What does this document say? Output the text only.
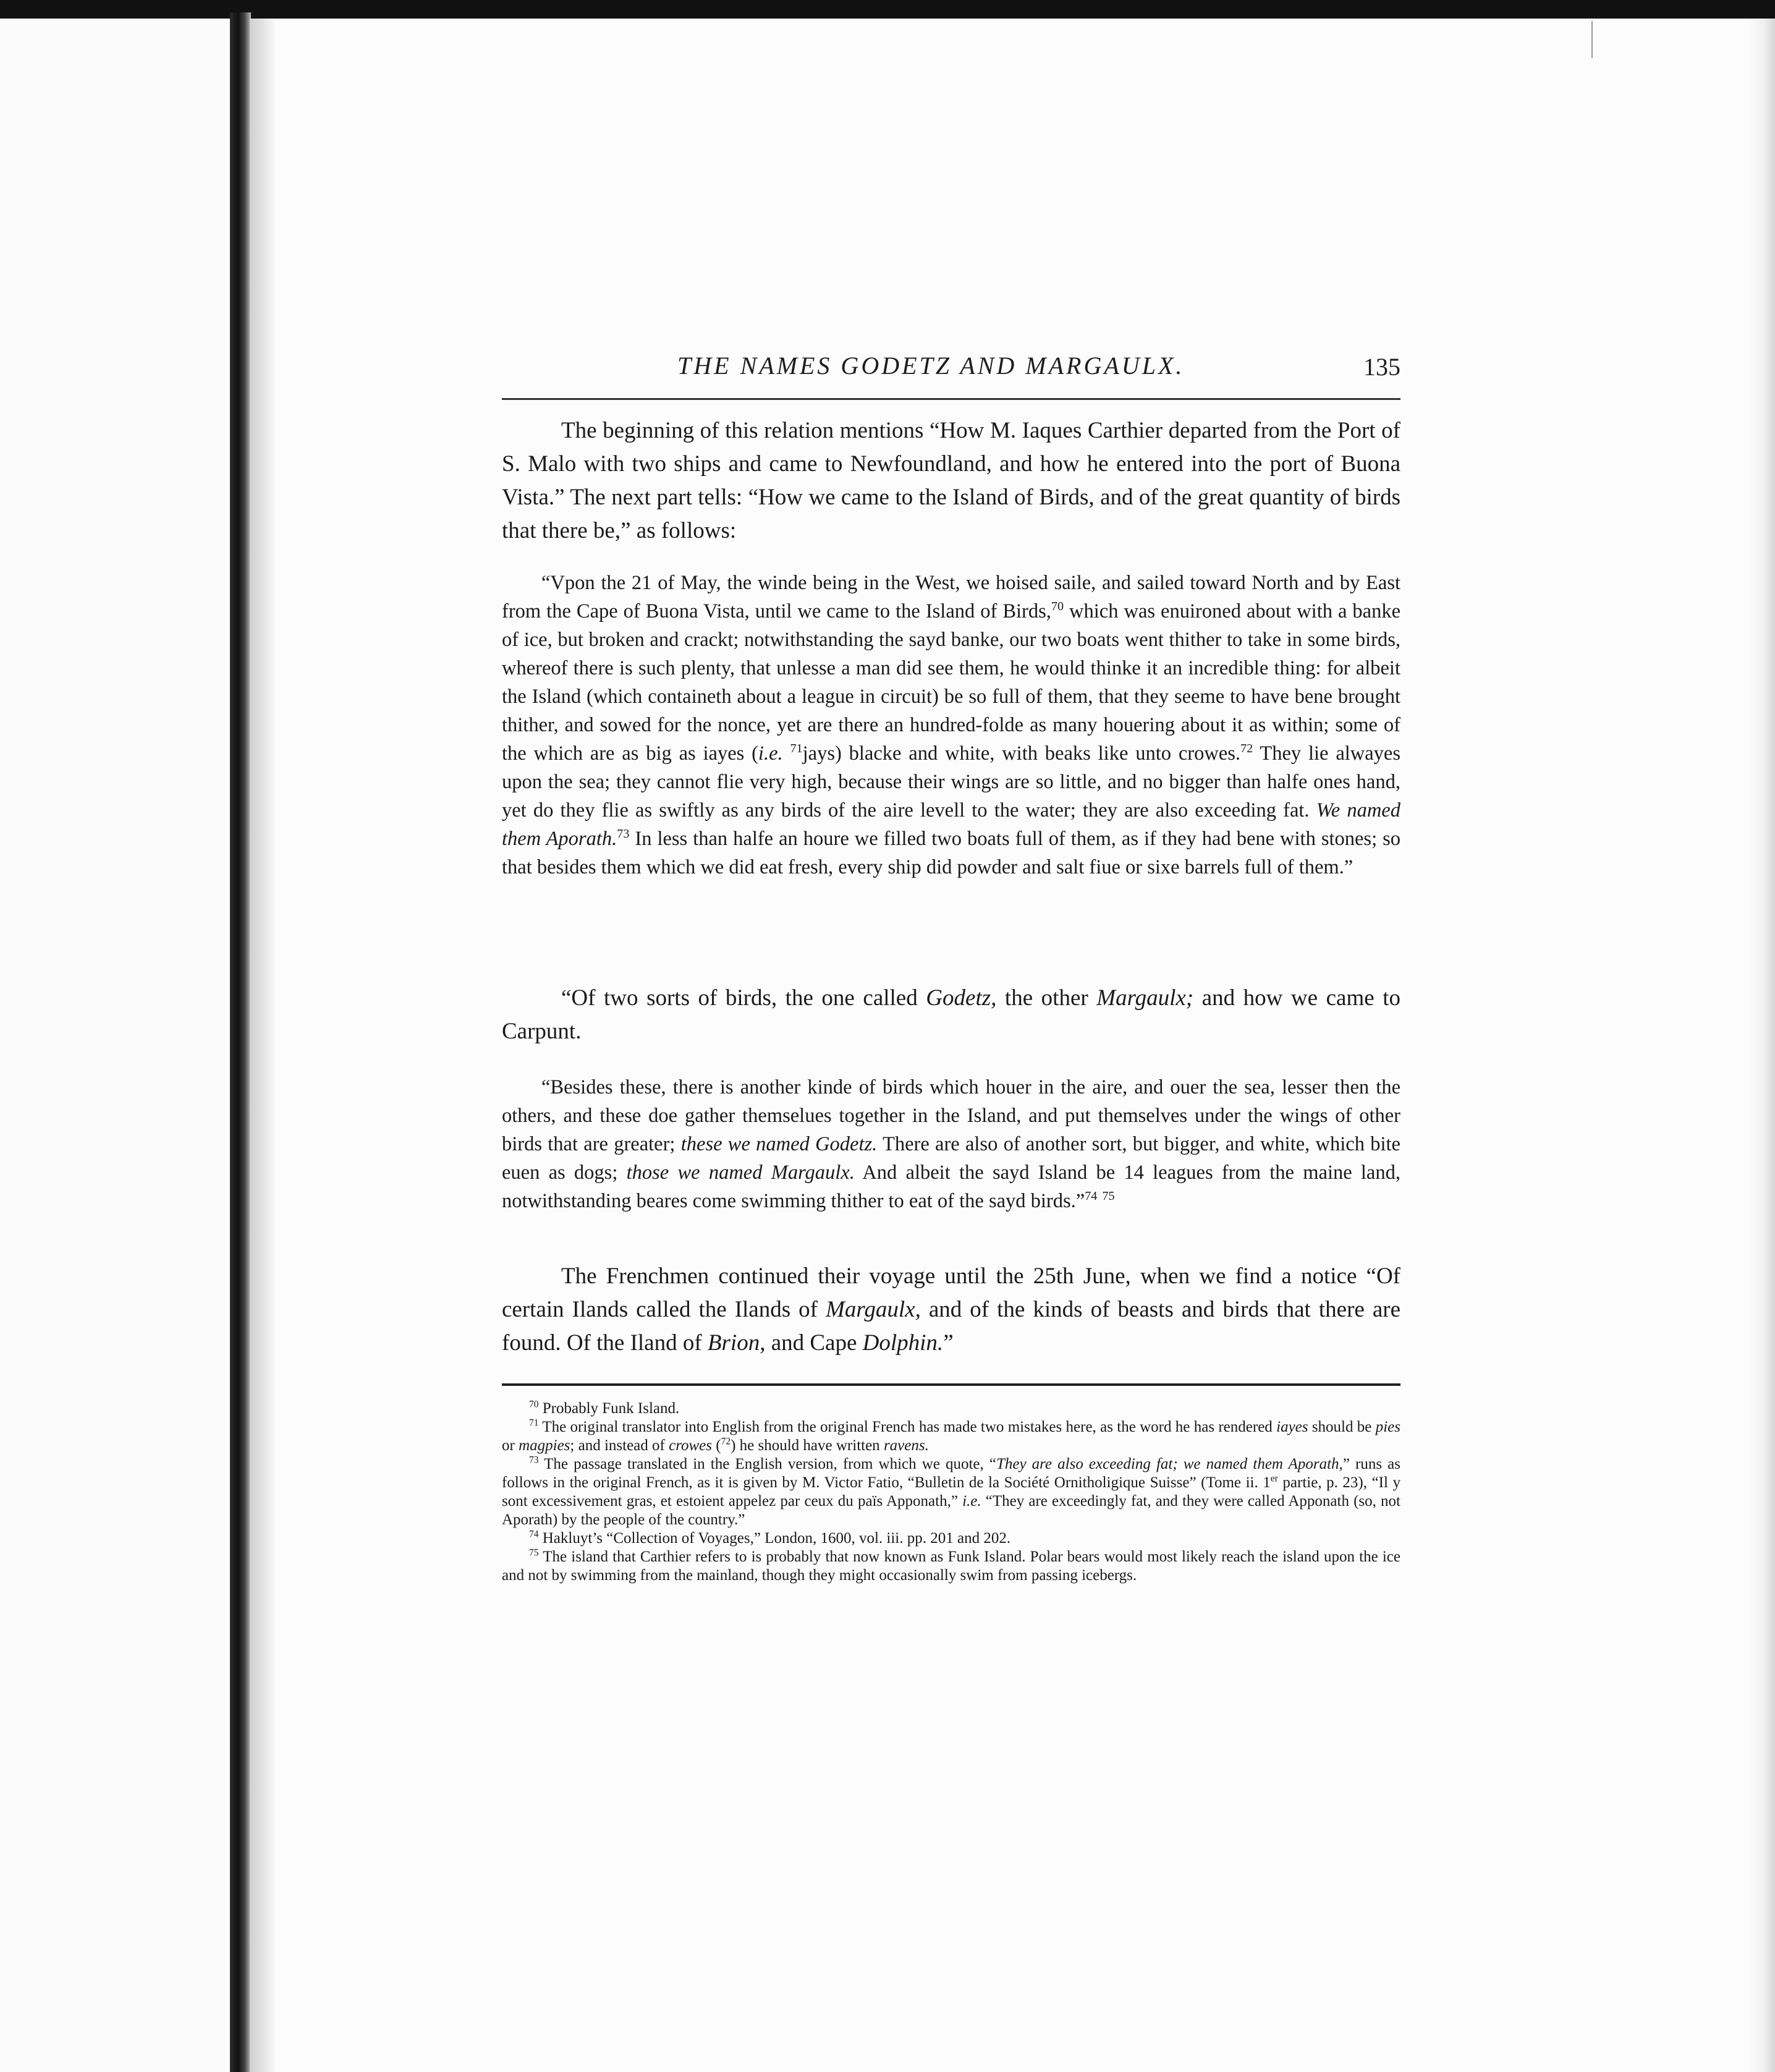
THE NAMES GODETZ AND MARGAULX.	135

The beginning of this relation mentions “How M. Iaques Carthier departed from the Port of S. Malo with two ships and came to Newfoundland, and how he entered into the port of Buona Vista.” The next part tells: “How we came to the Island of Birds, and of the great quantity of birds that there be,” as follows:

“Vpon the 21 of May, the winde being in the West, we hoised saile, and sailed toward North and by East from the Cape of Buona Vista, until we came to the Island of Birds,$^{70}$ which was enuironed about with a banke of ice, but broken and crackt; notwithstanding the sayd banke, our two boats went thither to take in some birds, whereof there is such plenty, that unlesse a man did see them, he would thinke it an incredible thing: for albeit the Island (which containeth about a league in circuit) be so full of them, that they seeme to have bene brought thither, and sowed for the nonce, yet are there an hundred-folde as many houering about it as within; some of the which are as big as iayes (i.e. $^{71}$jays) blacke and white, with beaks like unto crowes.$^{72}$ They lie alwayes upon the sea; they cannot flie very high, because their wings are so little, and no bigger than halfe ones hand, yet do they flie as swiftly as any birds of the aire levell to the water; they are also exceeding fat. We named them Aporath.$^{73}$ In less than halfe an houre we filled two boats full of them, as if they had bene with stones; so that besides them which we did eat fresh, every ship did powder and salt fiue or sixe barrels full of them.”

“Of two sorts of birds, the one called Godetz, the other Margaulx; and how we came to Carpunt.

“Besides these, there is another kinde of birds which houer in the aire, and ouer the sea, lesser then the others, and these doe gather themselues together in the Island, and put themselves under the wings of other birds that are greater; these we named Godetz. There are also of another sort, but bigger, and white, which bite euen as dogs; those we named Margaulx. And albeit the sayd Island be 14 leagues from the maine land, notwithstanding beares come swimming thither to eat of the sayd birds.”$^{74}$ $^{75}$

The Frenchmen continued their voyage until the 25th June, when we find a notice “Of certain Ilands called the Ilands of Margaulx, and of the kinds of beasts and birds that there are found. Of the Iland of Brion, and Cape Dolphin.”

$^{70}$ Probably Funk Island.

$^{71}$ The original translator into English from the original French has made two mistakes here, as the word he has rendered iayes should be pies or magpies; and instead of crowes ($^{72}$) he should have written ravens.

$^{73}$ The passage translated in the English version, from which we quote, “They are also exceeding fat; we named them Aporath,” runs as follows in the original French, as it is given by M. Victor Fatio, “Bulletin de la Société Ornitholigique Suisse” (Tome ii. 1er partie, p. 23), “Il y sont excessivement gras, et estoient appelez par ceux du païs Apponath,” i.e. “They are exceedingly fat, and they were called Apponath (so, not Aporath) by the people of the country.”

$^{74}$ Hakluyt’s “Collection of Voyages,” London, 1600, vol. iii. pp. 201 and 202.

$^{75}$ The island that Carthier refers to is probably that now known as Funk Island. Polar bears would most likely reach the island upon the ice and not by swimming from the mainland, though they might occasionally swim from passing icebergs.
